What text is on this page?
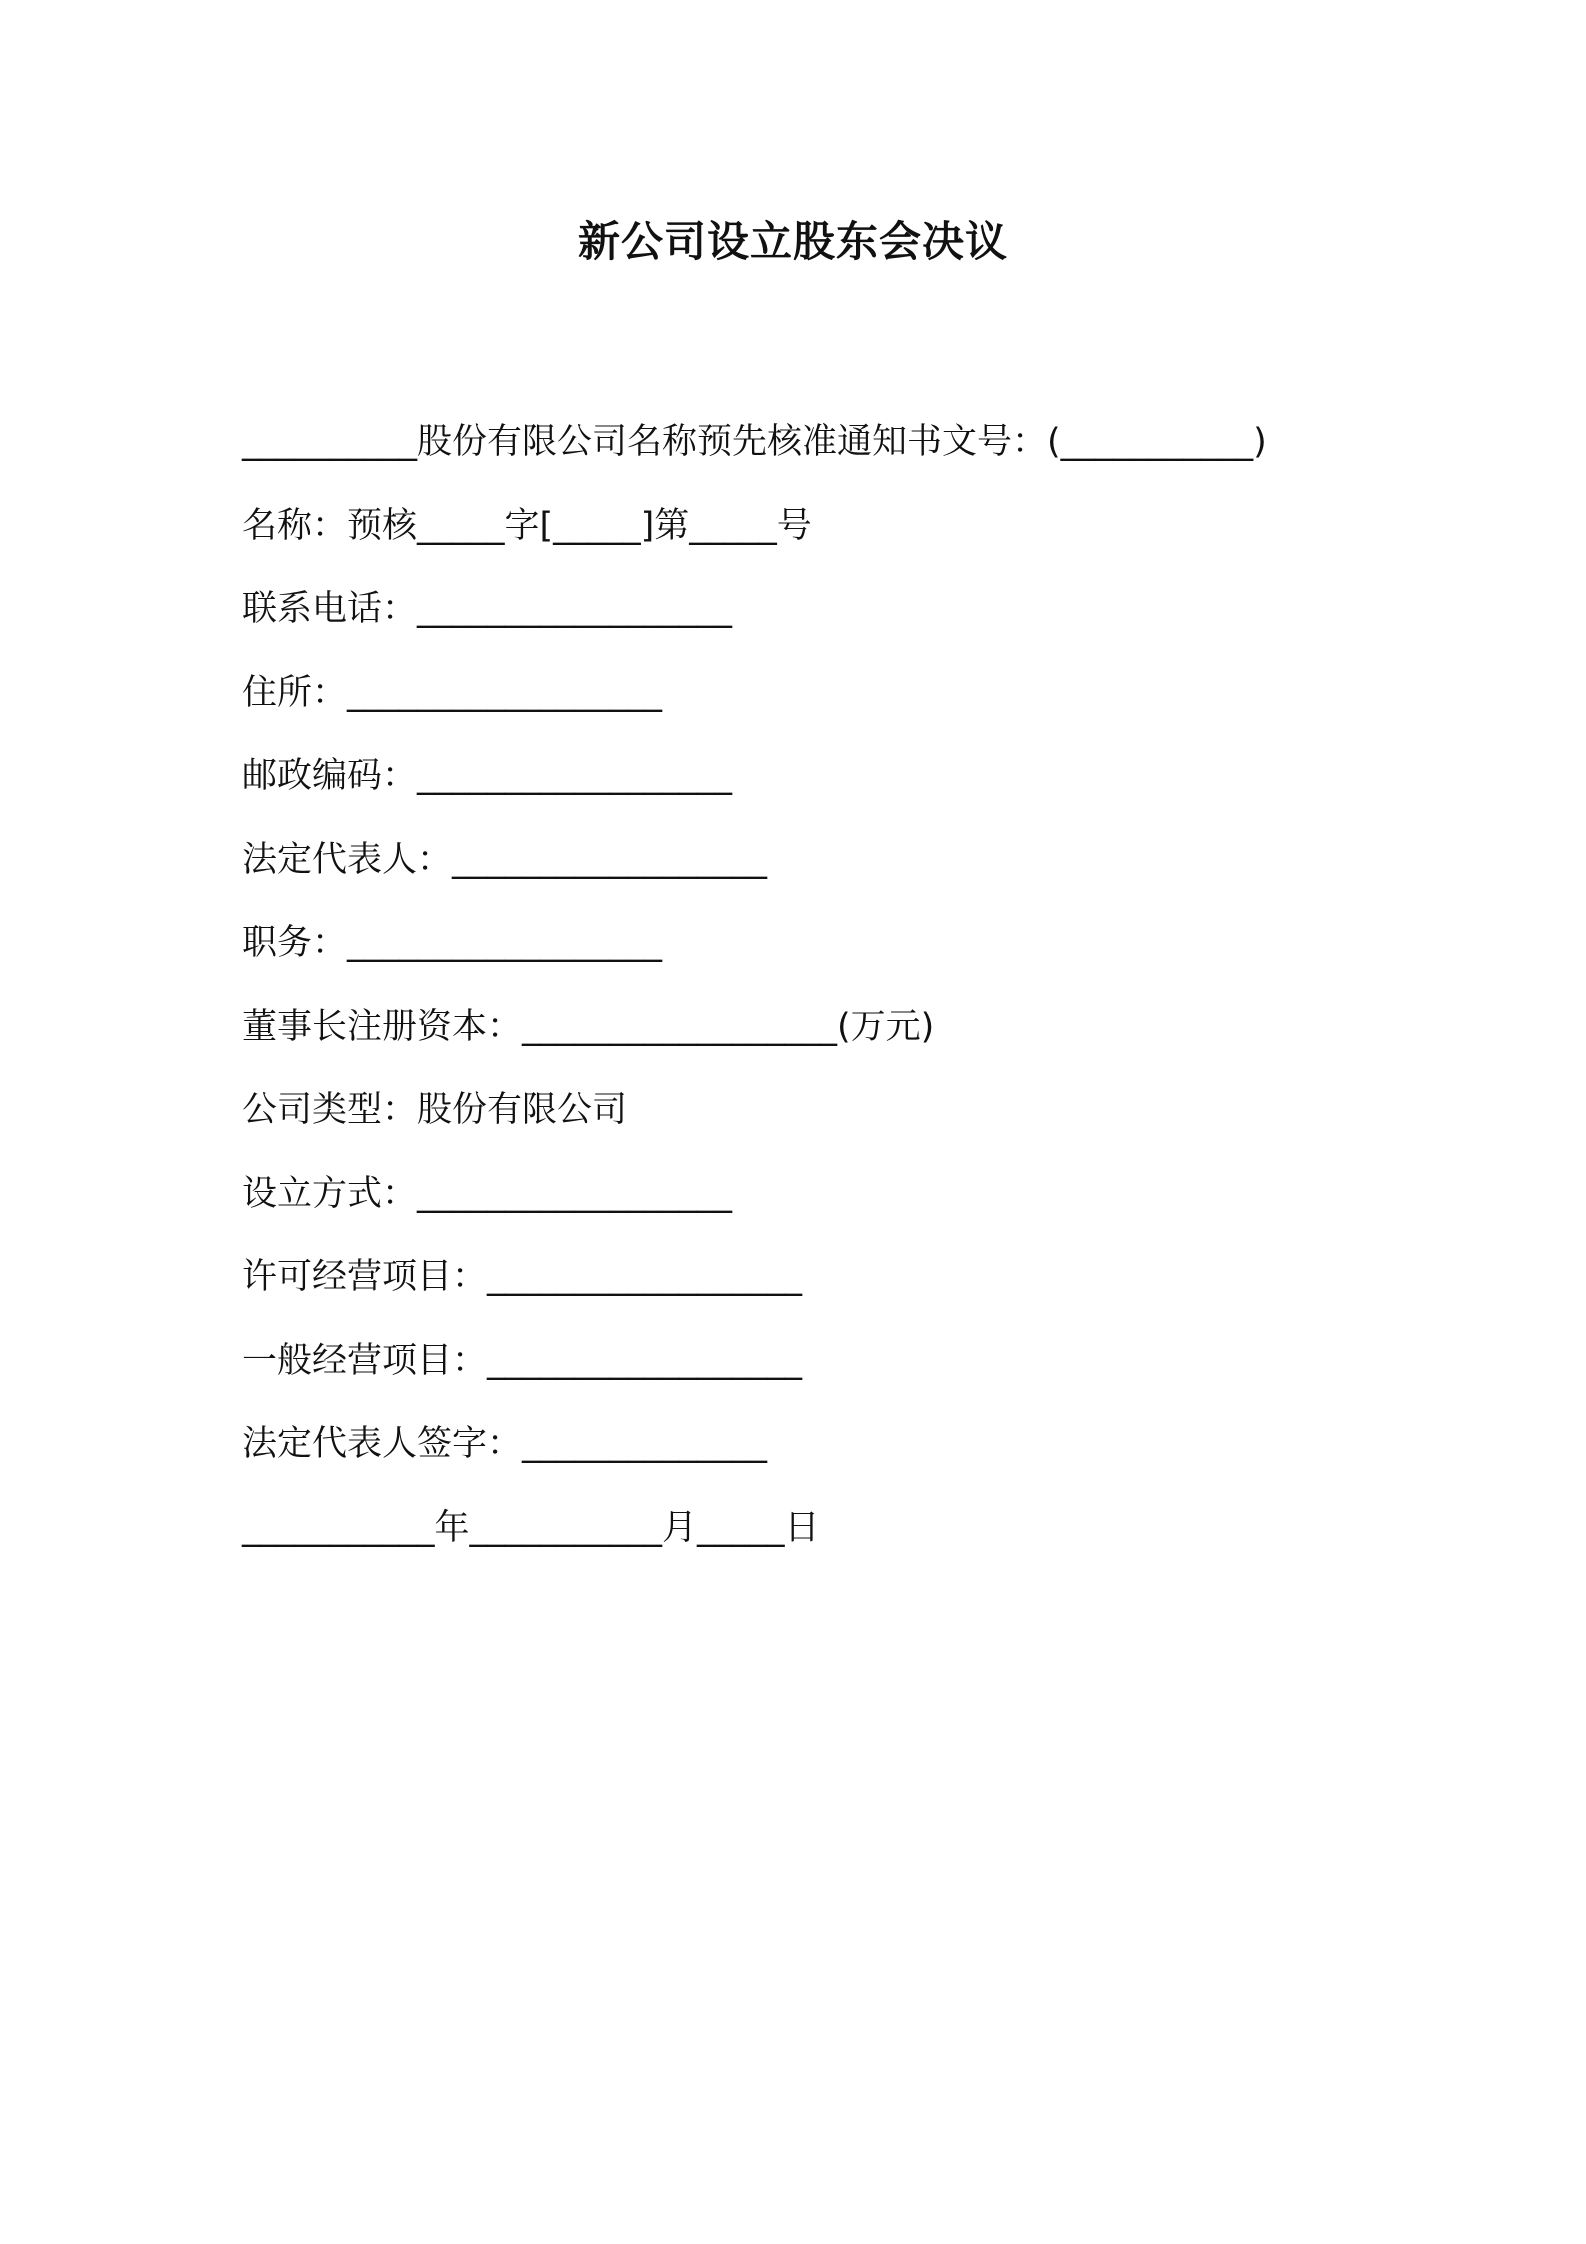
新公司设立股东会决议
__________股份有限公司名称预先核准通知书文号：(___________)
名称：预核_____字[_____]第_____号
联系电话：__________________
住所：__________________
邮政编码：__________________
法定代表人：__________________
职务：__________________
董事长注册资本：__________________(万元)
公司类型：股份有限公司
设立方式：__________________
许可经营项目：__________________
一般经营项目：__________________
法定代表人签字：______________
___________年___________月_____日
